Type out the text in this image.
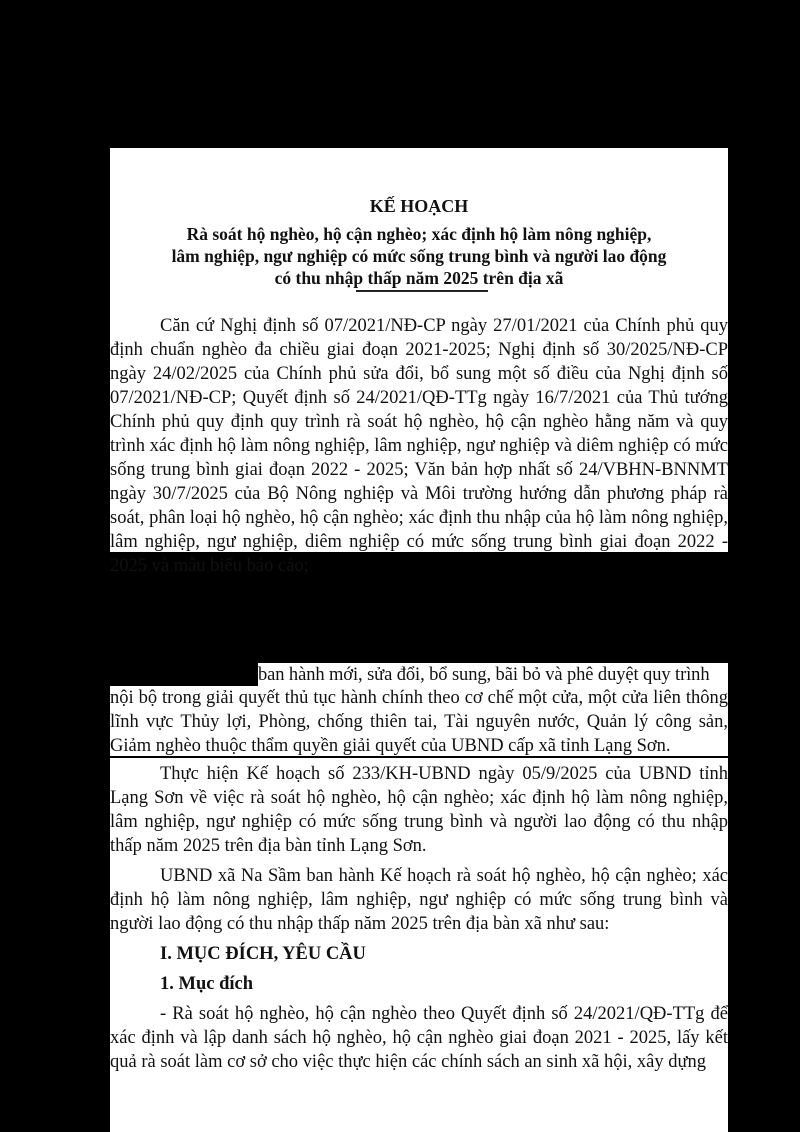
KẾ HOẠCH
Rà soát hộ nghèo, hộ cận nghèo; xác định hộ làm nông nghiệp,
lâm nghiệp, ngư nghiệp có mức sống trung bình và người lao động
có thu nhập thấp năm 2025 trên địa xã

Căn cứ Nghị định số 07/2021/NĐ-CP ngày 27/01/2021 của Chính phủ quy định chuẩn nghèo đa chiều giai đoạn 2021-2025; Nghị định số 30/2025/NĐ-CP ngày 24/02/2025 của Chính phủ sửa đổi, bổ sung một số điều của Nghị định số 07/2021/NĐ-CP; Quyết định số 24/2021/QĐ-TTg ngày 16/7/2021 của Thủ tướng Chính phủ quy định quy trình rà soát hộ nghèo, hộ cận nghèo hằng năm và quy trình xác định hộ làm nông nghiệp, lâm nghiệp, ngư nghiệp và diêm nghiệp có mức sống trung bình giai đoạn 2022 - 2025; Văn bản hợp nhất số 24/VBHN-BNNMT ngày 30/7/2025 của Bộ Nông nghiệp và Môi trường hướng dẫn phương pháp rà soát, phân loại hộ nghèo, hộ cận nghèo; xác định thu nhập của hộ làm nông nghiệp, lâm nghiệp, ngư nghiệp, diêm nghiệp có mức sống trung bình giai đoạn 2022 - 2025 và mẫu biểu báo cáo;

ban hành mới, sửa đổi, bổ sung, bãi bỏ và phê duyệt quy trình

nội bộ trong giải quyết thủ tục hành chính theo cơ chế một cửa, một cửa liên thông lĩnh vực Thủy lợi, Phòng, chống thiên tai, Tài nguyên nước, Quản lý công sản, Giảm nghèo thuộc thẩm quyền giải quyết của UBND cấp xã tỉnh Lạng Sơn.

Thực hiện Kế hoạch số 233/KH-UBND ngày 05/9/2025 của UBND tỉnh Lạng Sơn về việc rà soát hộ nghèo, hộ cận nghèo; xác định hộ làm nông nghiệp, lâm nghiệp, ngư nghiệp có mức sống trung bình và người lao động có thu nhập thấp năm 2025 trên địa bàn tỉnh Lạng Sơn.

UBND xã Na Sầm ban hành Kế hoạch rà soát hộ nghèo, hộ cận nghèo; xác định hộ làm nông nghiệp, lâm nghiệp, ngư nghiệp có mức sống trung bình và người lao động có thu nhập thấp năm 2025 trên địa bàn xã như sau:

I. MỤC ĐÍCH, YÊU CẦU

1. Mục đích

- Rà soát hộ nghèo, hộ cận nghèo theo Quyết định số 24/2021/QĐ-TTg để xác định và lập danh sách hộ nghèo, hộ cận nghèo giai đoạn 2021 - 2025, lấy kết quả rà soát làm cơ sở cho việc thực hiện các chính sách an sinh xã hội, xây dựng
